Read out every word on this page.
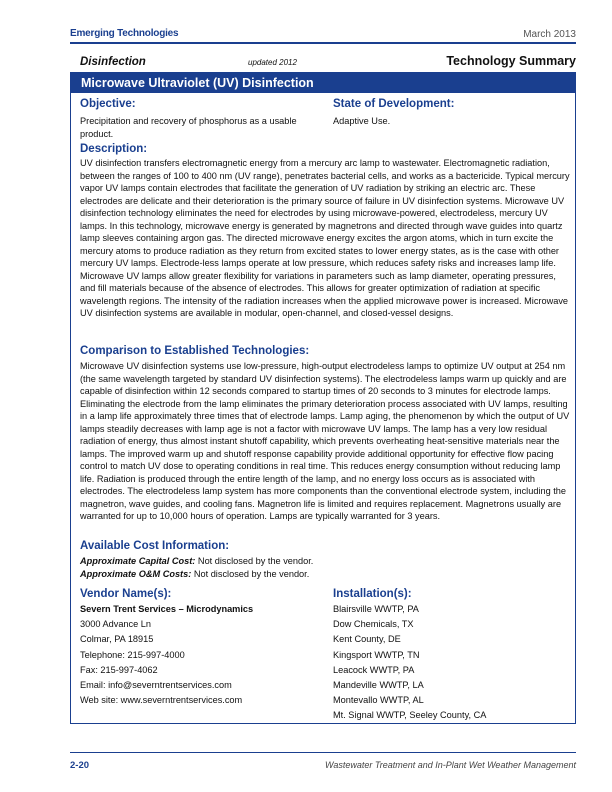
Emerging Technologies	March 2013
Disinfection	updated 2012	Technology Summary
Microwave Ultraviolet (UV) Disinfection
Objective:

Precipitation and recovery of phosphorus as a usable product.

State of Development:

Adaptive Use.

Description:

UV disinfection transfers electromagnetic energy from a mercury arc lamp to wastewater. Electromagnetic radiation, between the ranges of 100 to 400 nm (UV range), penetrates bacterial cells, and works as a bactericide. Typical mercury vapor UV lamps contain electrodes that facilitate the generation of UV radiation by striking an electric arc. These electrodes are delicate and their deterioration is the primary source of failure in UV disinfection systems. Microwave UV disinfection technology eliminates the need for electrodes by using microwave-powered, electrodeless, mercury UV lamps. In this technology, microwave energy is generated by magnetrons and directed through wave guides into quartz lamp sleeves containing argon gas. The directed microwave energy excites the argon atoms, which in turn excite the mercury atoms to produce radiation as they return from excited states to lower energy states, as is the case with other mercury UV lamps. Electrode-less lamps operate at low pressure, which reduces safety risks and increases lamp life. Microwave UV lamps allow greater flexibility for variations in parameters such as lamp diameter, operating pressures, and fill materials because of the absence of electrodes. This allows for greater optimization of radiation at specific wavelength regions. The intensity of the radiation increases when the applied microwave power is increased. Microwave UV disinfection systems are available in modular, open-channel, and closed-vessel designs.

Comparison to Established Technologies:

Microwave UV disinfection systems use low-pressure, high-output electrodeless lamps to optimize UV output at 254 nm (the same wavelength targeted by standard UV disinfection systems). The electrodeless lamps warm up quickly and are capable of disinfection within 12 seconds compared to startup times of 20 seconds to 3 minutes for electrode lamps. Eliminating the electrode from the lamp eliminates the primary deterioration process associated with UV lamps, resulting in a lamp life approximately three times that of electrode lamps. Lamp aging, the phenomenon by which the output of UV lamps steadily decreases with lamp age is not a factor with microwave UV lamps. The lamp has a very low residual radiation of energy, thus almost instant shutoff capability, which prevents overheating heat-sensitive materials near the lamps. The improved warm up and shutoff response capability provide additional opportunity for effective flow pacing control to match UV dose to operating conditions in real time. This reduces energy consumption without reducing lamp life. Radiation is produced through the entire length of the lamp, and no energy loss occurs as is associated with electrodes. The electrodeless lamp system has more components than the conventional electrode system, including the magnetron, wave guides, and cooling fans. Magnetron life is limited and requires replacement. Magnetrons usually are warranted for up to 10,000 hours of operation. Lamps are typically warranted for 3 years.

Available Cost Information:

Approximate Capital Cost: Not disclosed by the vendor.

Approximate O&M Costs: Not disclosed by the vendor.

Vendor Name(s):
Severn Trent Services – Microdynamics
3000 Advance Ln
Colmar, PA 18915
Telephone: 215-997-4000
Fax: 215-997-4062
Email: info@severntrentservices.com
Web site: www.severntrentservices.com
Installation(s):
Blairsville WWTP, PA
Dow Chemicals, TX
Kent County, DE
Kingsport WWTP, TN
Leacock WWTP, PA
Mandeville WWTP, LA
Montevallo WWTP, AL
Mt. Signal WWTP, Seeley County, CA
2-20	Wastewater Treatment and In-Plant Wet Weather Management
